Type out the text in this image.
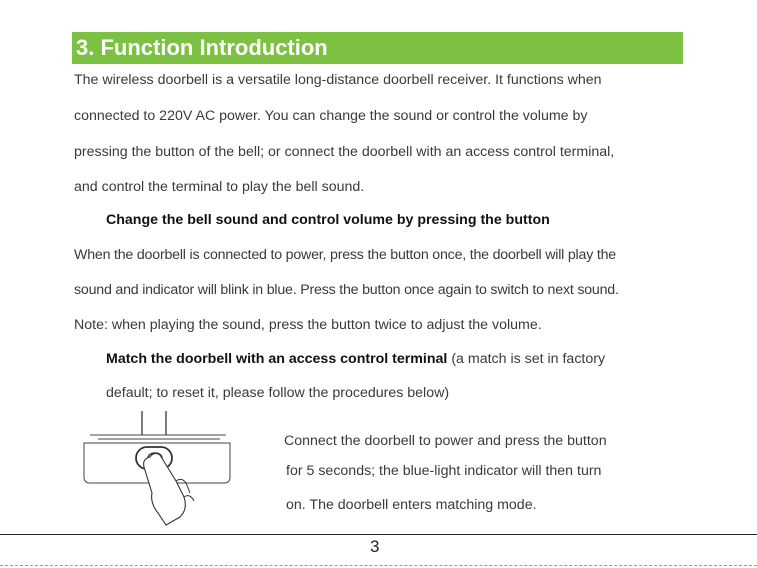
3. Function Introduction
The wireless doorbell is a versatile long-distance doorbell receiver. It functions when
connected to 220V AC power. You can change the sound or control the volume by
pressing the button of the bell; or connect the doorbell with an access control terminal,
and control the terminal to play the bell sound.
Change the bell sound and control volume by pressing the button
When the doorbell is connected to power, press the button once, the doorbell will play the
sound and indicator will blink in blue. Press the button once again to switch to next sound.
Note: when playing the sound, press the button twice to adjust the volume.
Match the doorbell with an access control terminal (a match is set in factory
default; to reset it, please follow the procedures below)
Connect the doorbell to power and press the button
for 5 seconds; the blue-light indicator will then turn
on. The doorbell enters matching mode.
3
